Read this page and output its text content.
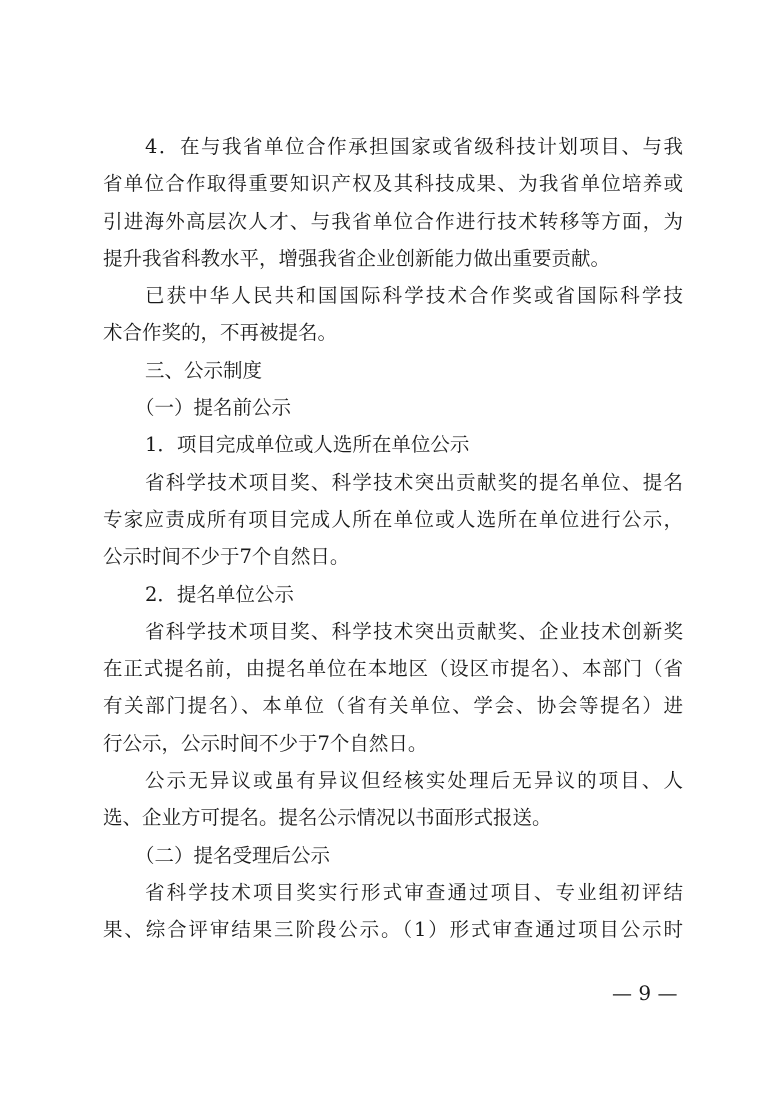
4．在与我省单位合作承担国家或省级科技计划项目、与我
省单位合作取得重要知识产权及其科技成果、为我省单位培养或
引进海外高层次人才、与我省单位合作进行技术转移等方面，为
提升我省科教水平，增强我省企业创新能力做出重要贡献。
已获中华人民共和国国际科学技术合作奖或省国际科学技
术合作奖的，不再被提名。
三、公示制度
（一）提名前公示
1．项目完成单位或人选所在单位公示
省科学技术项目奖、科学技术突出贡献奖的提名单位、提名
专家应责成所有项目完成人所在单位或人选所在单位进行公示，
公示时间不少于7个自然日。
2．提名单位公示
省科学技术项目奖、科学技术突出贡献奖、企业技术创新奖
在正式提名前，由提名单位在本地区（设区市提名）、本部门（省
有关部门提名）、本单位（省有关单位、学会、协会等提名）进
行公示，公示时间不少于7个自然日。
公示无异议或虽有异议但经核实处理后无异议的项目、人
选、企业方可提名。提名公示情况以书面形式报送。
（二）提名受理后公示
省科学技术项目奖实行形式审查通过项目、专业组初评结
果、综合评审结果三阶段公示。（1）形式审查通过项目公示时
— 9 —
